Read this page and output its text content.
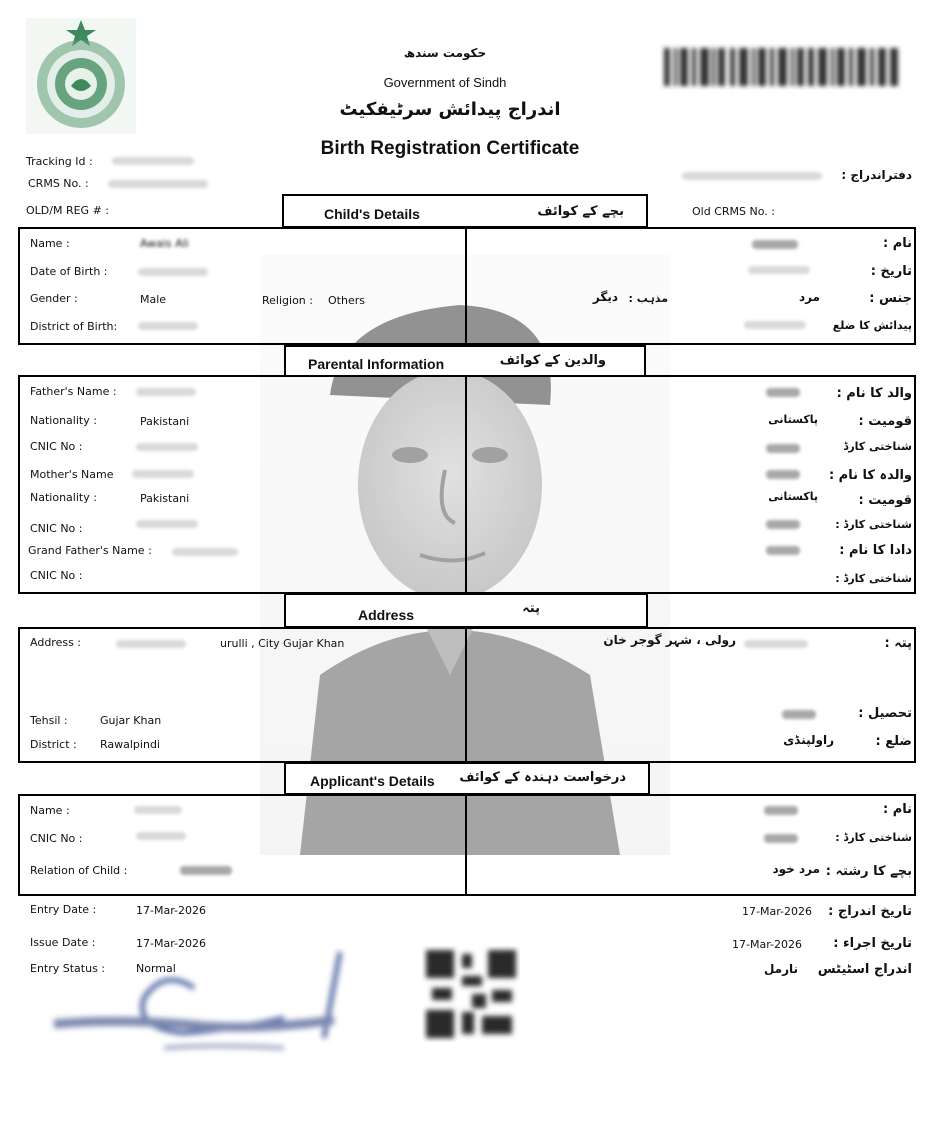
حکومت سندھ
Government of Sindh
اندراج پیدائش سرٹیفکیٹ
Birth Registration Certificate
Tracking Id :
CRMS No. :
OLD/M REG # :	Old CRMS No. :
دفتراندراج :
Child's Details	بچے کے کوائف
Name :	Awais Ali
Date of Birth :
Gender :	Male	Religion : Others
District of Birth:
نام :
تاریخ :
جنس :
مرد
مذہب :
دیگر
پیدائش کا ضلع
Parental Information	والدین کے کوائف
Father's Name :
Nationality :	Pakistani
CNIC No :
Mother's Name
Nationality :	Pakistani
CNIC No :
Grand Father's Name :
CNIC No :
والد کا نام :
قومیت :
پاکستانی
شناختی کارڈ
والدہ کا نام :
قومیت :
پاکستانی
شناختی کارڈ :
دادا کا نام :
شناختی کارڈ :
Address	پتہ
Address :	urulli , City Gujar Khan
Tehsil :	Gujar Khan
District : Rawalpindi
پتہ :
رولی ، شہر گوجر خان
تحصیل :
ضلع :
راولپنڈی
Applicant's Details	درخواست دہندہ کے کوائف
Name :
CNIC No :
Relation of Child :
نام :
شناختی کارڈ :
بچے کا رشتہ :
مرد خود
Entry Date :	17-Mar-2026
Issue Date :	17-Mar-2026
Entry Status :	Normal
17-Mar-2026	تاریخ اندراج :
17-Mar-2026	تاریخ اجراء :
نارمل	اندراج اسٹیٹس
